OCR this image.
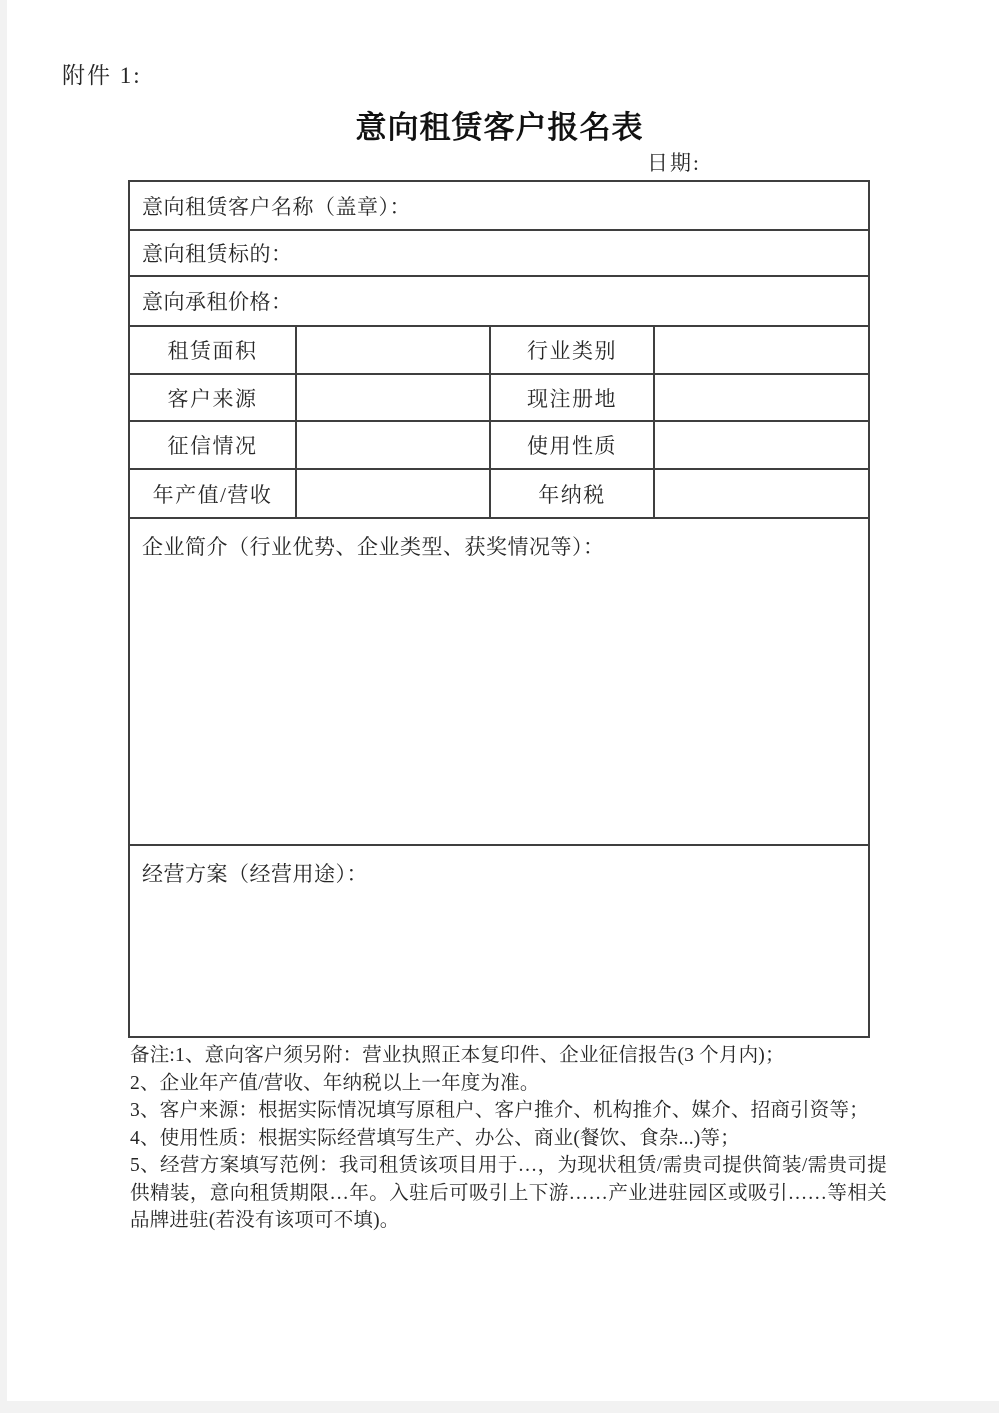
附件 1:
意向租赁客户报名表
日期:
意向租赁客户名称（盖章）：			
意向租赁标的：			
意向承租价格：			
租赁面积		行业类别	
客户来源		现注册地	
征信情况		使用性质	
年产值/营收		年纳税	
企业简介（行业优势、企业类型、获奖情况等）：			
经营方案（经营用途）：			
备注:1、意向客户须另附：营业执照正本复印件、企业征信报告(3 个月内)；
2、企业年产值/营收、年纳税以上一年度为准。
3、客户来源：根据实际情况填写原租户、客户推介、机构推介、媒介、招商引资等；
4、使用性质：根据实际经营填写生产、办公、商业(餐饮、食杂...)等；
5、经营方案填写范例：我司租赁该项目用于…，为现状租赁/需贵司提供简装/需贵司提供精装，意向租赁期限…年。入驻后可吸引上下游……产业进驻园区或吸引……等相关品牌进驻(若没有该项可不填)。
